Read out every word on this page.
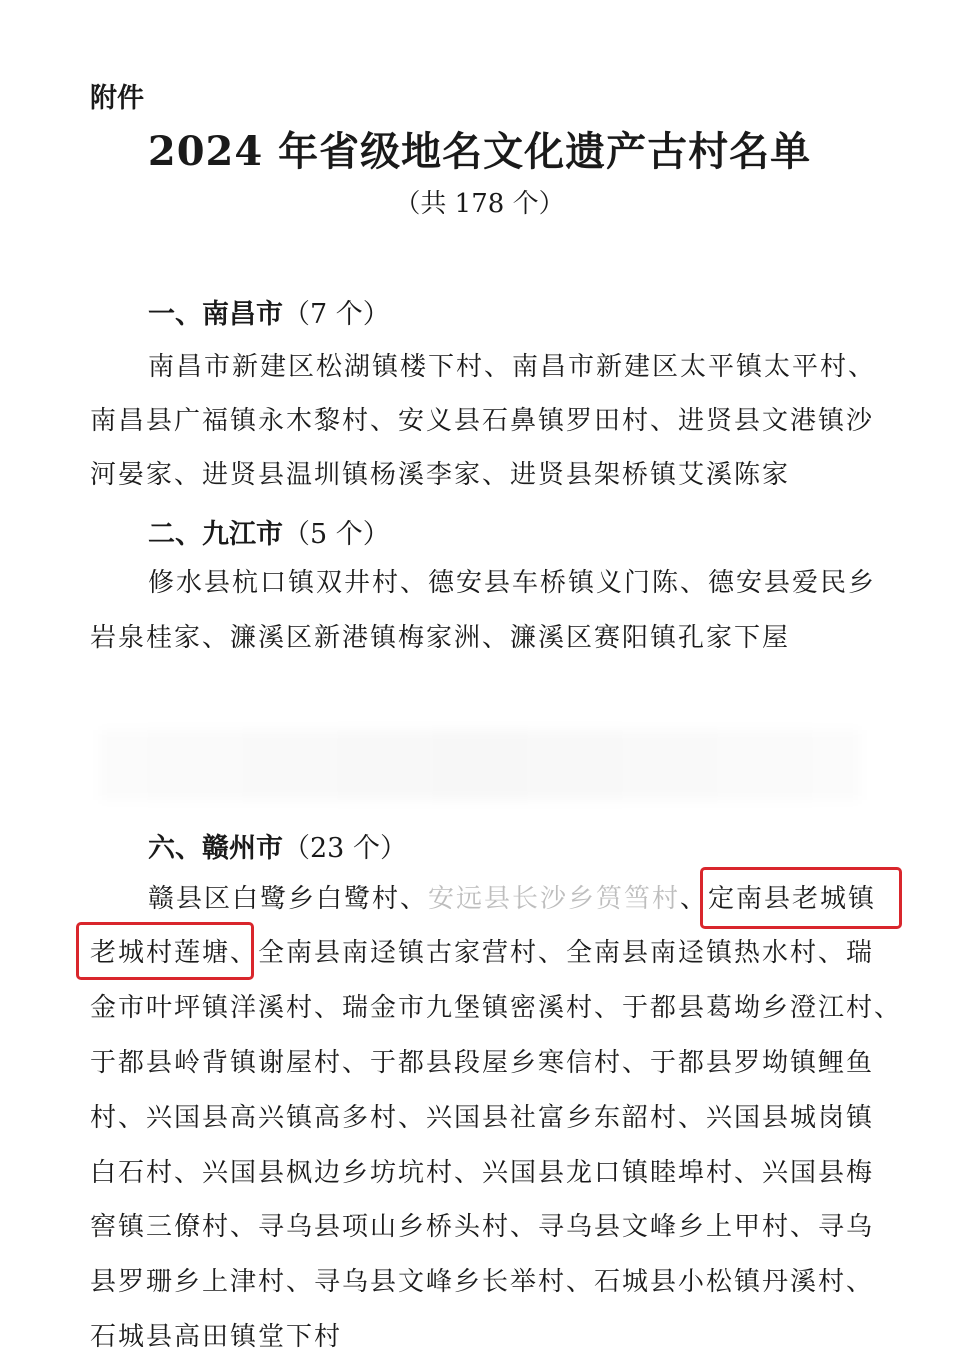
附件
2024 年省级地名文化遗产古村名单
（共 178 个）
一、南昌市（7 个）
南昌市新建区松湖镇楼下村、南昌市新建区太平镇太平村、
南昌县广福镇永木黎村、安义县石鼻镇罗田村、进贤县文港镇沙
河晏家、进贤县温圳镇杨溪李家、进贤县架桥镇艾溪陈家
二、九江市（5 个）
修水县杭口镇双井村、德安县车桥镇义门陈、德安县爱民乡
岩泉桂家、濂溪区新港镇梅家洲、濂溪区赛阳镇孔家下屋
六、赣州市（23 个）
赣县区白鹭乡白鹭村、安远县长沙乡筼筜村、定南县老城镇
老城村莲塘、全南县南迳镇古家营村、全南县南迳镇热水村、瑞
金市叶坪镇洋溪村、瑞金市九堡镇密溪村、于都县葛坳乡澄江村、
于都县岭背镇谢屋村、于都县段屋乡寒信村、于都县罗坳镇鲤鱼
村、兴国县高兴镇高多村、兴国县社富乡东韶村、兴国县城岗镇
白石村、兴国县枫边乡坊坑村、兴国县龙口镇睦埠村、兴国县梅
窖镇三僚村、寻乌县项山乡桥头村、寻乌县文峰乡上甲村、寻乌
县罗珊乡上津村、寻乌县文峰乡长举村、石城县小松镇丹溪村、
石城县高田镇堂下村
